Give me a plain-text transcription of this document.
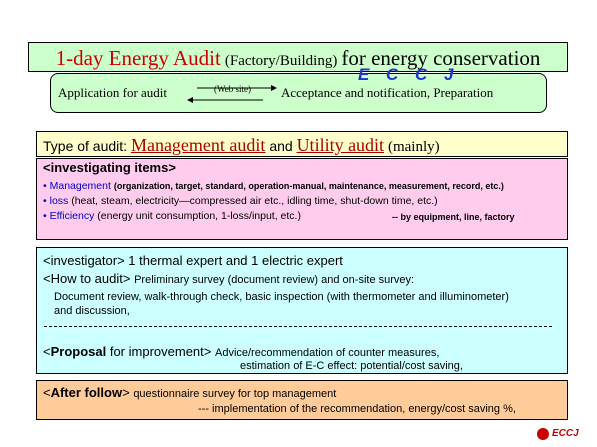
1-day Energy Audit (Factory/Building) for energy conservation
E C C J
Application for audit	(Web site) Acceptance and notification, Preparation
Type of audit: Management audit and Utility audit (mainly)
<investigating items>
• Management (organization, target, standard, operation-manual, maintenance, measurement, record, etc.)
• loss (heat, steam, electricity—compressed air etc., idling time, shut-down time, etc.)
• Efficiency (energy unit consumption, 1-loss/input, etc.)	-- by equipment, line, factory
<investigator> 1 thermal expert and 1 electric expert
<How to audit> Preliminary survey (document review) and on-site survey:
Document review, walk-through check, basic inspection (with thermometer and illuminometer)
and discussion,
<Proposal for improvement> Advice/recommendation of counter measures,
estimation of E-C effect: potential/cost saving,
<After follow> questionnaire survey for top management
--- implementation of the recommendation, energy/cost saving %,
ECCJ
